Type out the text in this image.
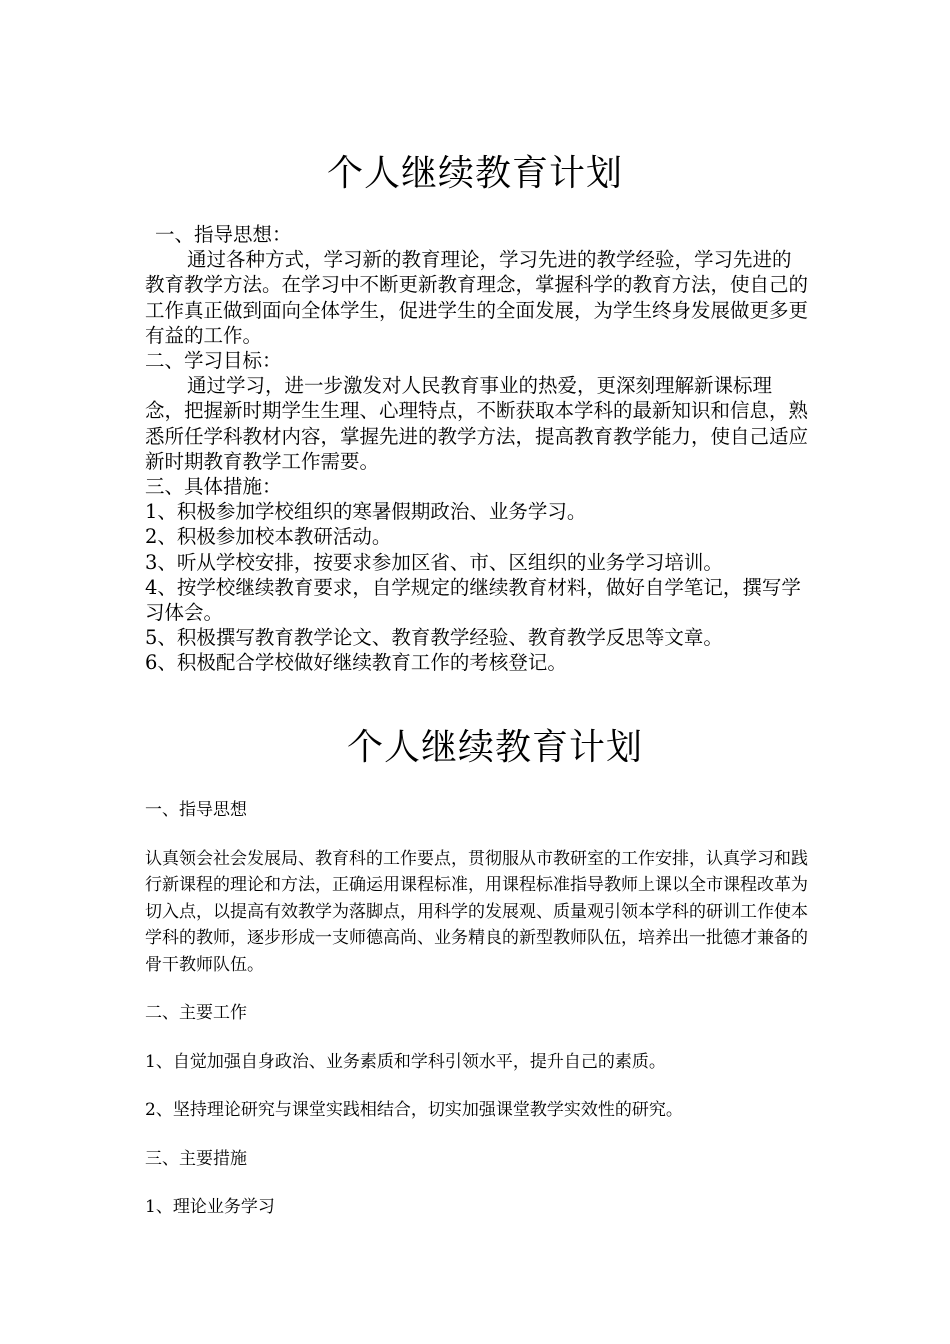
个人继续教育计划

一、指导思想：

通过各种方式，学习新的教育理论，学习先进的教学经验，学习先进的教育教学方法。在学习中不断更新教育理念，掌握科学的教育方法，使自己的工作真正做到面向全体学生，促进学生的全面发展，为学生终身发展做更多更有益的工作。

二、学习目标：

通过学习，进一步激发对人民教育事业的热爱，更深刻理解新课标理念，把握新时期学生生理、心理特点，不断获取本学科的最新知识和信息，熟悉所任学科教材内容，掌握先进的教学方法，提高教育教学能力，使自己适应新时期教育教学工作需要。

三、具体措施：

1、积极参加学校组织的寒暑假期政治、业务学习。

2、积极参加校本教研活动。

3、听从学校安排，按要求参加区省、市、区组织的业务学习培训。

4、按学校继续教育要求，自学规定的继续教育材料，做好自学笔记，撰写学习体会。

5、积极撰写教育教学论文、教育教学经验、教育教学反思等文章。

6、积极配合学校做好继续教育工作的考核登记。

个人继续教育计划

一、指导思想

认真领会社会发展局、教育科的工作要点，贯彻服从市教研室的工作安排，认真学习和践行新课程的理论和方法，正确运用课程标准，用课程标准指导教师上课以全市课程改革为切入点，以提高有效教学为落脚点，用科学的发展观、质量观引领本学科的研训工作使本学科的教师，逐步形成一支师德高尚、业务精良的新型教师队伍，培养出一批德才兼备的骨干教师队伍。

二、主要工作

1、自觉加强自身政治、业务素质和学科引领水平，提升自己的素质。

2、坚持理论研究与课堂实践相结合，切实加强课堂教学实效性的研究。

三、主要措施

1、理论业务学习
